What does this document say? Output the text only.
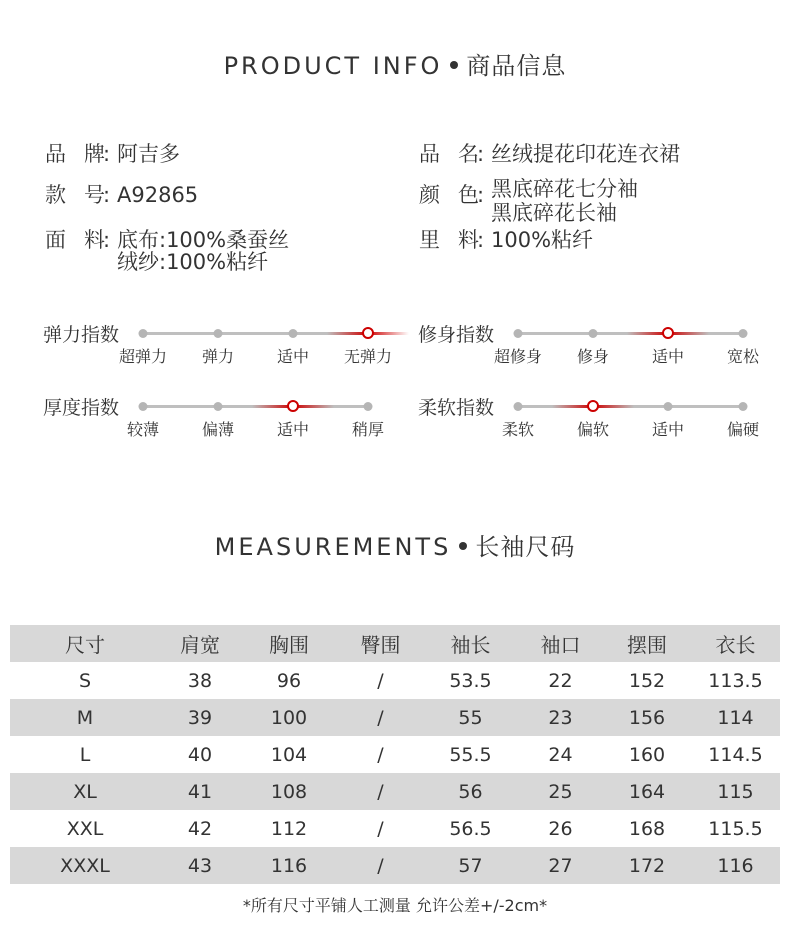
PRODUCT INFO 商品信息
品牌
: 阿吉多
款号
: A92865
面料
: 底布:100%桑蚕丝
绒纱:100%粘纤
品名
: 丝绒提花印花连衣裙
颜色
: 黑底碎花七分袖
黑底碎花长袖
里料
: 100%粘纤
弹力指数
超弹力 弹力	适中 无弹力
修身指数
超修身 修身	适中	宽松
厚度指数
较薄	偏薄	适中	稍厚
柔软指数
柔软	偏软	适中	偏硬
MEASUREMENTS 长袖尺码
尺寸	肩宽	胸围	臀围	袖长	袖口	摆围	衣长
S	38	96	/	53.5	22	152	113.5
M	39	100	/	55	23	156	114
L	40	104	/	55.5	24	160	114.5
XL	41	108	/	56	25	164	115
XXL	42	112	/	56.5	26	168	115.5
XXXL	43	116	/	57	27	172	116
*所有尺寸平铺人工测量 允许公差+/-2cm*
